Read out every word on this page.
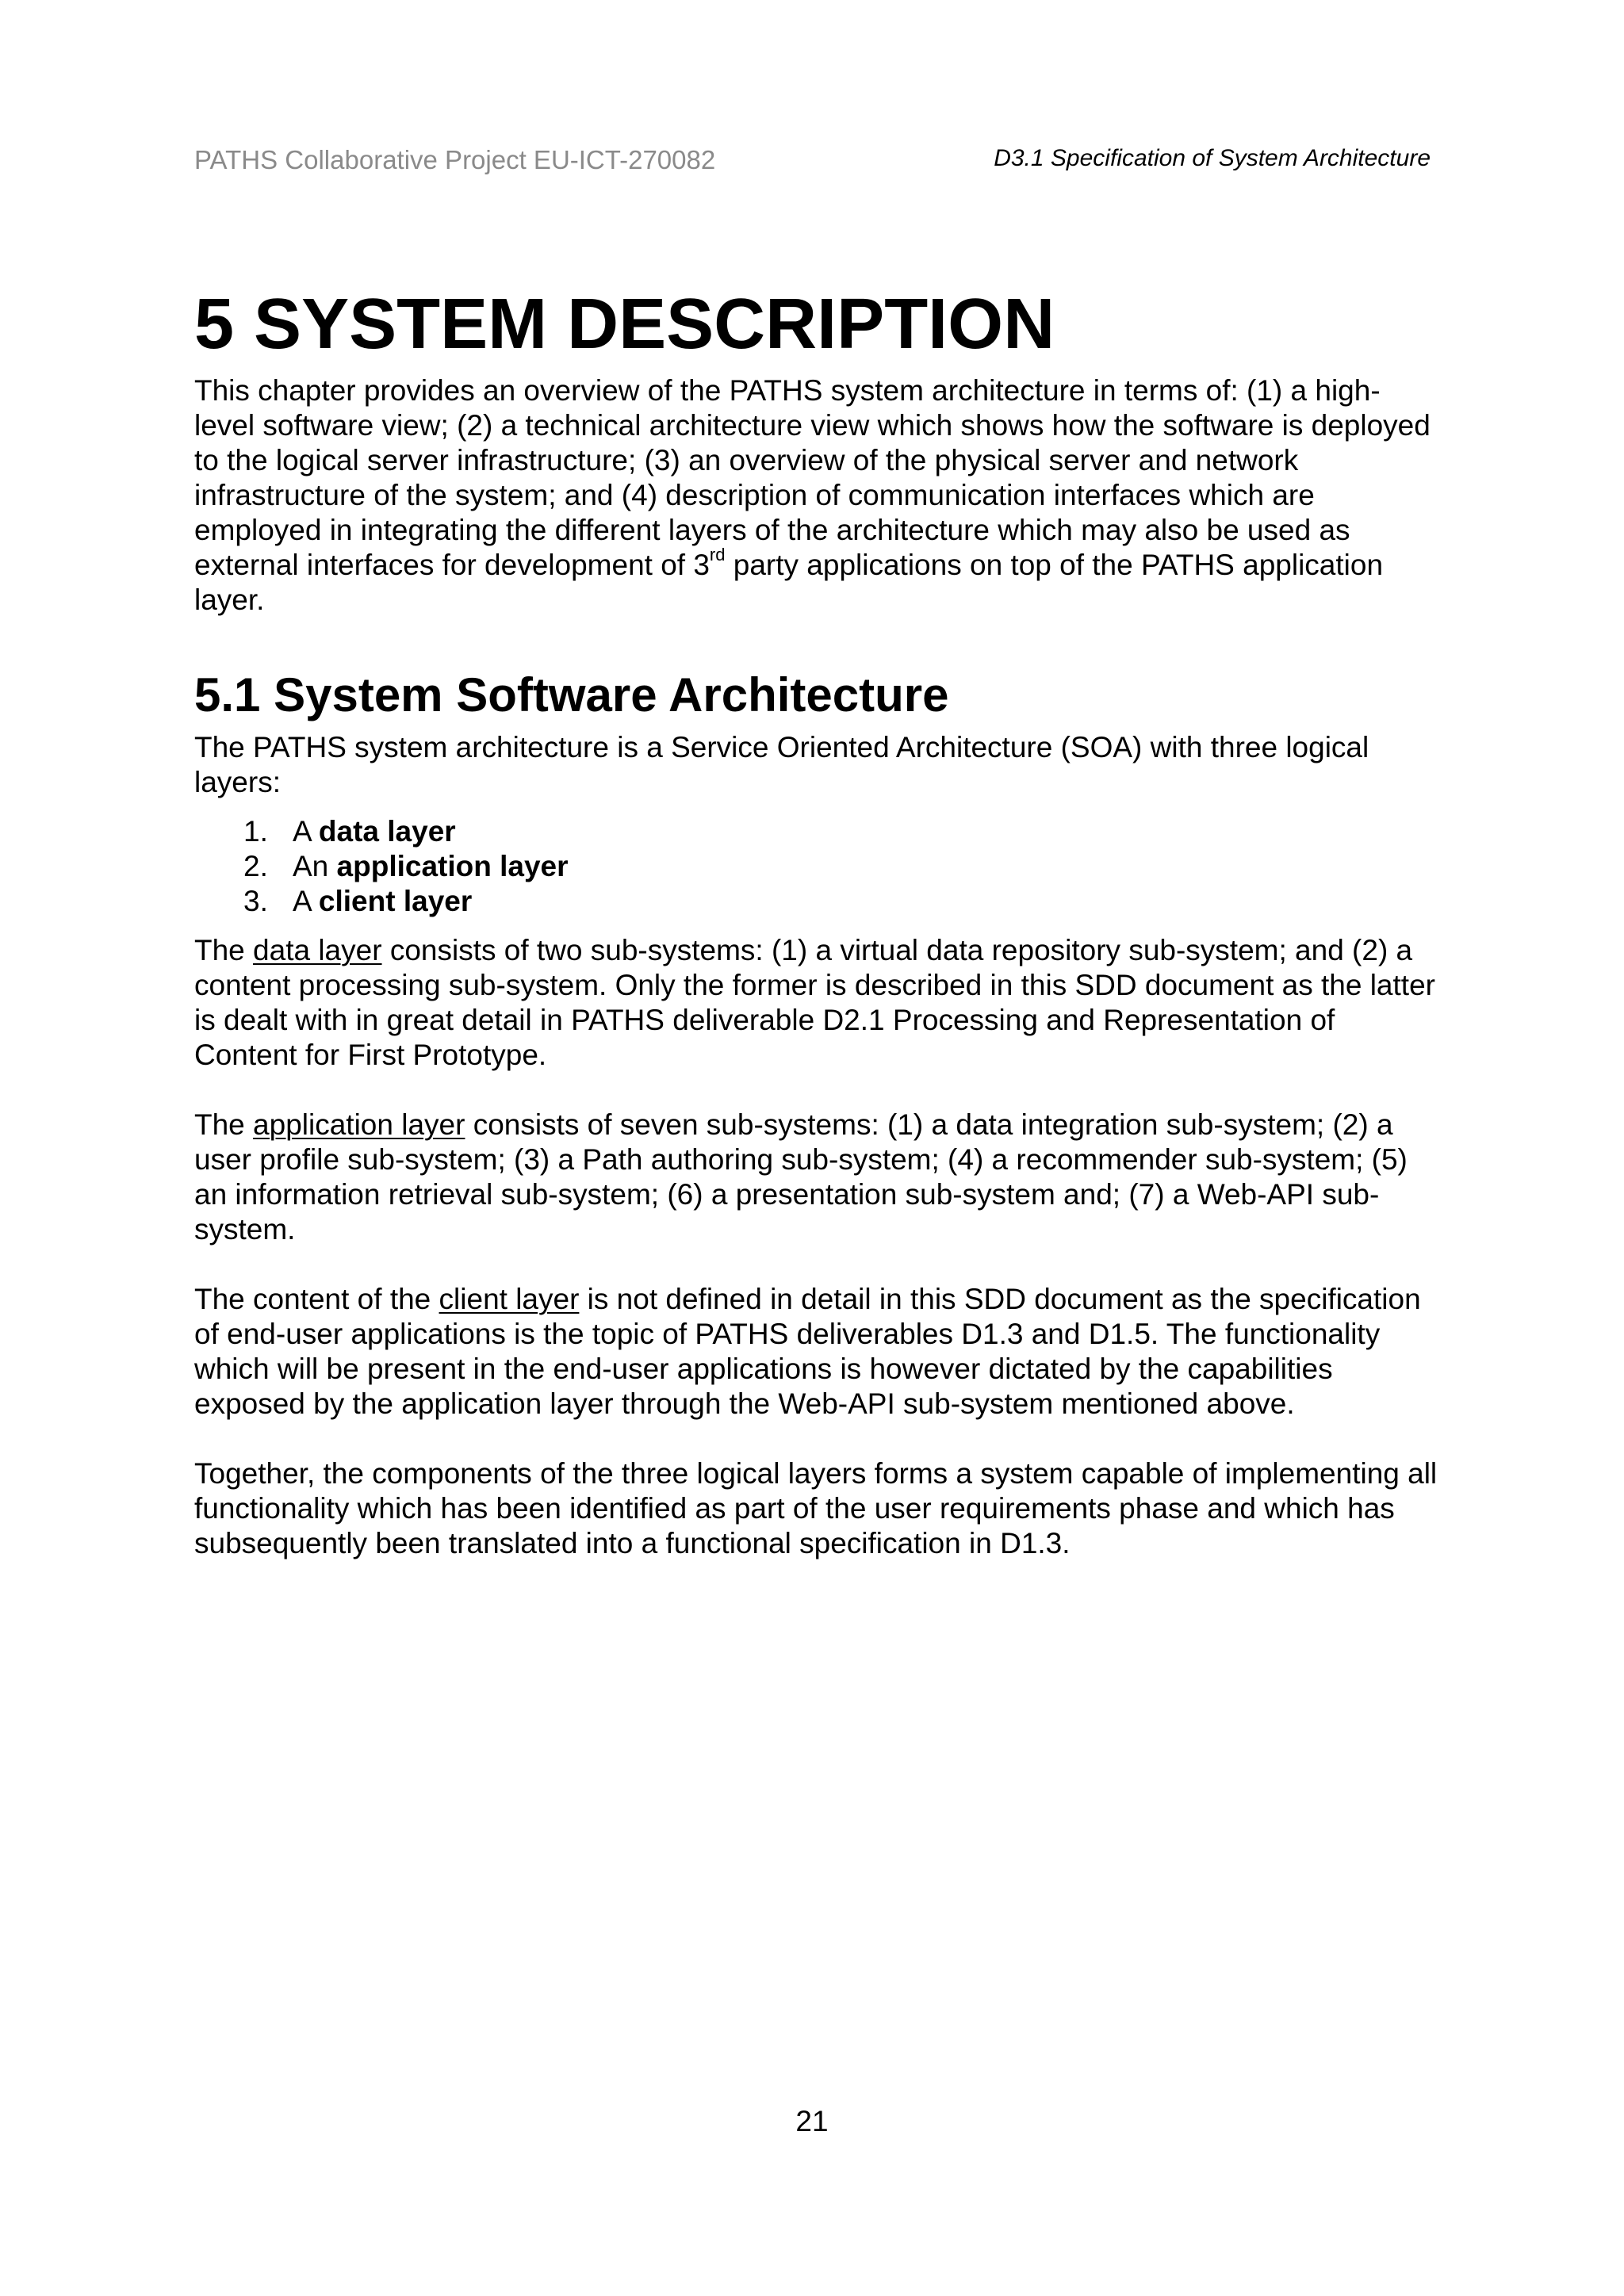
PATHS Collaborative Project EU-ICT-270082	D3.1 Specification of System Architecture
5 SYSTEM DESCRIPTION

This chapter provides an overview of the PATHS system architecture in terms of: (1) a high-level software view; (2) a technical architecture view which shows how the software is deployed to the logical server infrastructure; (3) an overview of the physical server and network infrastructure of the system; and (4) description of communication interfaces which are employed in integrating the different layers of the architecture which may also be used as external interfaces for development of 3rd party applications on top of the PATHS application layer.

5.1 System Software Architecture

The PATHS system architecture is a Service Oriented Architecture (SOA) with three logical layers:

1. A data layer
2. An application layer
3. A client layer

The data layer consists of two sub-systems: (1) a virtual data repository sub-system; and (2) a content processing sub-system. Only the former is described in this SDD document as the latter is dealt with in great detail in PATHS deliverable D2.1 Processing and Representation of Content for First Prototype.

The application layer consists of seven sub-systems: (1) a data integration sub-system; (2) a user profile sub-system; (3) a Path authoring sub-system; (4) a recommender sub-system; (5) an information retrieval sub-system; (6) a presentation sub-system and; (7) a Web-API sub-system.

The content of the client layer is not defined in detail in this SDD document as the specification of end-user applications is the topic of PATHS deliverables D1.3 and D1.5. The functionality which will be present in the end-user applications is however dictated by the capabilities exposed by the application layer through the Web-API sub-system mentioned above.

Together, the components of the three logical layers forms a system capable of implementing all functionality which has been identified as part of the user requirements phase and which has subsequently been translated into a functional specification in D1.3.

21
